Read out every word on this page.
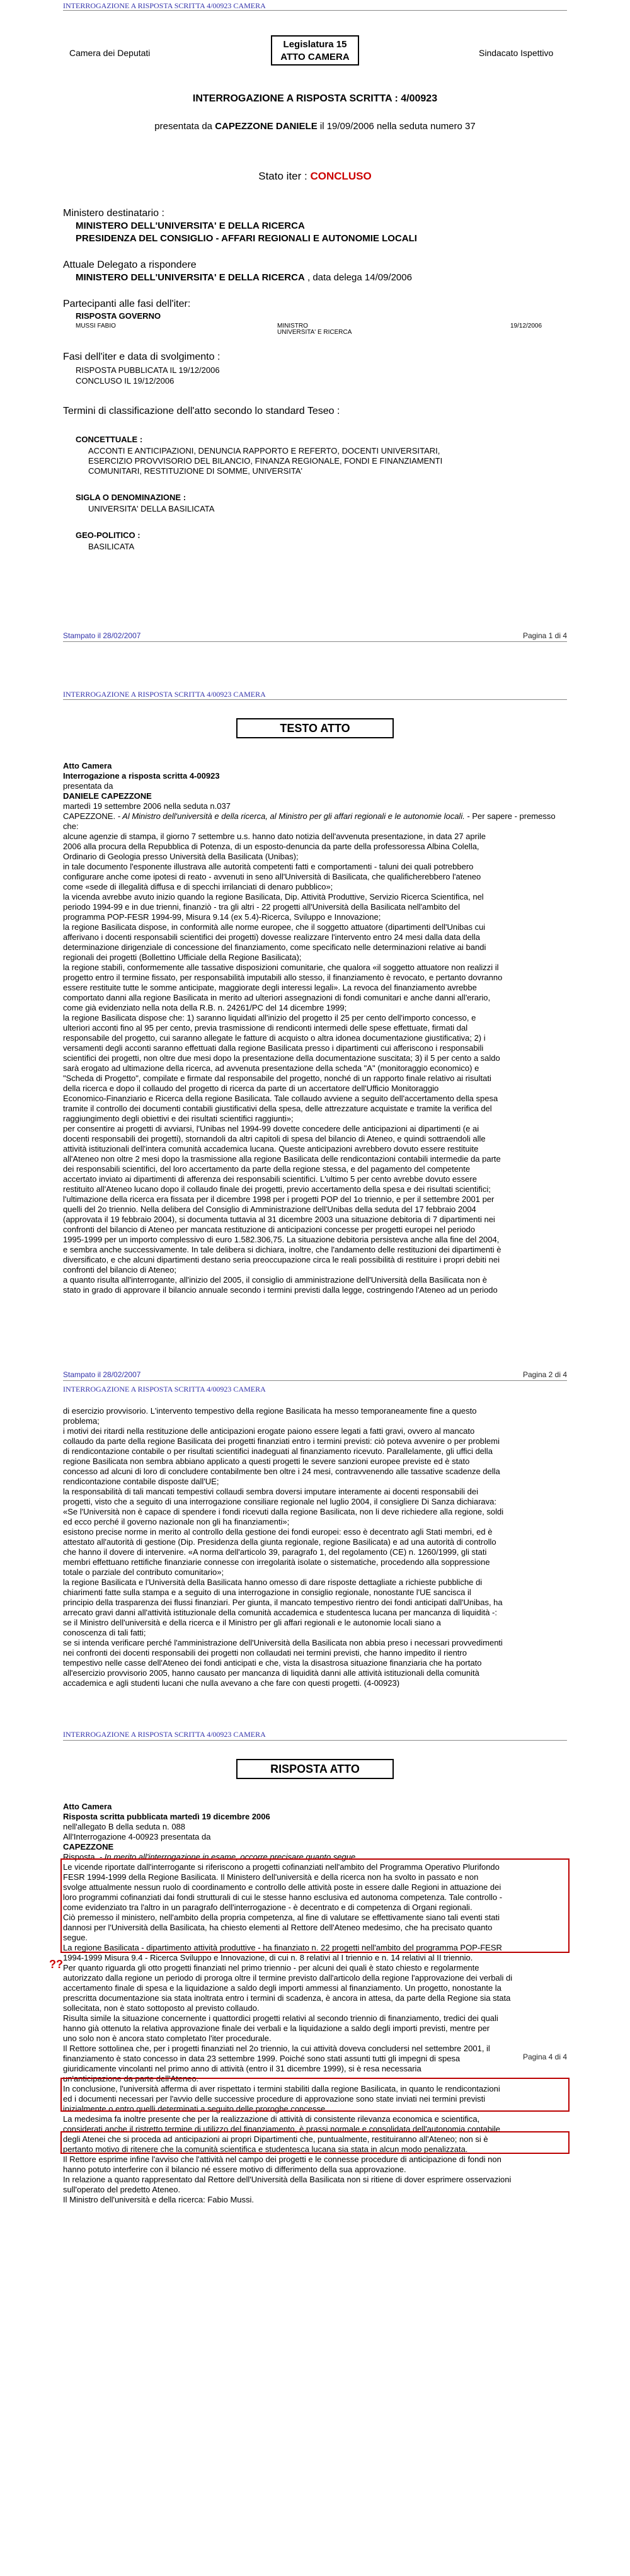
INTERROGAZIONE A RISPOSTA SCRITTA 4/00923 CAMERA
Camera dei Deputati
Legislatura 15
ATTO CAMERA	Sindacato Ispettivo
INTERROGAZIONE A RISPOSTA SCRITTA : 4/00923
presentata da CAPEZZONE DANIELE il 19/09/2006 nella seduta numero 37
Stato iter : CONCLUSO
Ministero destinatario :
MINISTERO DELL'UNIVERSITA' E DELLA RICERCA
PRESIDENZA DEL CONSIGLIO - AFFARI REGIONALI E AUTONOMIE LOCALI
Attuale Delegato a rispondere
MINISTERO DELL'UNIVERSITA' E DELLA RICERCA , data delega 14/09/2006
Partecipanti alle fasi dell'iter:
RISPOSTA GOVERNO
MUSSI FABIO	MINISTRO
UNIVERSITA' E RICERCA
19/12/2006
Fasi dell'iter e data di svolgimento :
RISPOSTA PUBBLICATA IL 19/12/2006
CONCLUSO IL 19/12/2006
Termini di classificazione dell'atto secondo lo standard Teseo :
CONCETTUALE :
ACCONTI E ANTICIPAZIONI, DENUNCIA RAPPORTO E REFERTO, DOCENTI UNIVERSITARI,
ESERCIZIO PROVVISORIO DEL BILANCIO, FINANZA REGIONALE, FONDI E FINANZIAMENTI
COMUNITARI, RESTITUZIONE DI SOMME, UNIVERSITA'
SIGLA O DENOMINAZIONE :
UNIVERSITA' DELLA BASILICATA
GEO-POLITICO :
BASILICATA
Stampato il 28/02/2007	Pagina 1 di 4
INTERROGAZIONE A RISPOSTA SCRITTA 4/00923 CAMERA
TESTO ATTO
Atto Camera
Interrogazione a risposta scritta 4-00923
presentata da
DANIELE CAPEZZONE
martedì 19 settembre 2006 nella seduta n.037
CAPEZZONE. - Al Ministro dell'università e della ricerca, al Ministro per gli affari regionali e le autonomie locali. - Per sapere - premesso che:
alcune agenzie di stampa, il giorno 7 settembre u.s. hanno dato notizia dell'avvenuta presentazione, in data 27 aprile
2006 alla procura della Repubblica di Potenza, di un esposto-denuncia da parte della professoressa Albina Colella,
Ordinario di Geologia presso Università della Basilicata (Unibas);
in tale documento l'esponente illustrava alle autorità competenti fatti e comportamenti - taluni dei quali potrebbero
configurare anche come ipotesi di reato - avvenuti in seno all'Università di Basilicata, che qualificherebbero l'ateneo
come «sede di illegalità diffusa e di specchi irrilanciati di denaro pubblico»;
la vicenda avrebbe avuto inizio quando la regione Basilicata, Dip. Attività Produttive, Servizio Ricerca Scientifica, nel
periodo 1994-99 e in due trienni, finanziò - tra gli altri - 22 progetti all'Università della Basilicata nell'ambito del
programma POP-FESR 1994-99, Misura 9.14 (ex 5.4)-Ricerca, Sviluppo e Innovazione;
la regione Basilicata dispose, in conformità alle norme europee, che il soggetto attuatore (dipartimenti dell'Unibas cui
afferivano i docenti responsabili scientifici dei progetti) dovesse realizzare l'intervento entro 24 mesi dalla data della
determinazione dirigenziale di concessione del finanziamento, come specificato nelle determinazioni relative ai bandi
regionali dei progetti (Bollettino Ufficiale della Regione Basilicata);
la regione stabilì, conformemente alle tassative disposizioni comunitarie, che qualora «il soggetto attuatore non realizzi il
progetto entro il termine fissato, per responsabilità imputabili allo stesso, il finanziamento è revocato, e pertanto dovranno
essere restituite tutte le somme anticipate, maggiorate degli interessi legali». La revoca del finanziamento avrebbe
comportato danni alla regione Basilicata in merito ad ulteriori assegnazioni di fondi comunitari e anche danni all'erario,
come già evidenziato nella nota della R.B. n. 24261/PC del 14 dicembre 1999;
la regione Basilicata dispose che: 1) saranno liquidati all'inizio del progetto il 25 per cento dell'importo concesso, e
ulteriori acconti fino al 95 per cento, previa trasmissione di rendiconti intermedi delle spese effettuate, firmati dal
responsabile del progetto, cui saranno allegate le fatture di acquisto o altra idonea documentazione giustificativa; 2) i
versamenti degli acconti saranno effettuati dalla regione Basilicata presso i dipartimenti cui afferiscono i responsabili
scientifici dei progetti, non oltre due mesi dopo la presentazione della documentazione suscitata; 3) il 5 per cento a saldo
sarà erogato ad ultimazione della ricerca, ad avvenuta presentazione della scheda "A" (monitoraggio economico) e
"Scheda di Progetto", compilate e firmate dal responsabile del progetto, nonché di un rapporto finale relativo ai risultati
della ricerca e dopo il collaudo del progetto di ricerca da parte di un accertatore dell'Ufficio Monitoraggio
Economico-Finanziario e Ricerca della regione Basilicata. Tale collaudo avviene a seguito dell'accertamento della spesa
tramite il controllo dei documenti contabili giustificativi della spesa, delle attrezzature acquistate e tramite la verifica del
raggiungimento degli obiettivi e dei risultati scientifici raggiunti»;
per consentire ai progetti di avviarsi, l'Unibas nel 1994-99 dovette concedere delle anticipazioni ai dipartimenti (e ai
docenti responsabili dei progetti), stornandoli da altri capitoli di spesa del bilancio di Ateneo, e quindi sottraendoli alle
attività istituzionali dell'intera comunità accademica lucana. Queste anticipazioni avrebbero dovuto essere restituite
all'Ateneo non oltre 2 mesi dopo la trasmissione alla regione Basilicata delle rendicontazioni contabili intermedie da parte
dei responsabili scientifici, del loro accertamento da parte della regione stessa, e del pagamento del competente
accertato inviato ai dipartimenti di afferenza dei responsabili scientifici. L'ultimo 5 per cento avrebbe dovuto essere
restituito all'Ateneo lucano dopo il collaudo finale dei progetti, previo accertamento della spesa e dei risultati scientifici;
l'ultimazione della ricerca era fissata per il dicembre 1998 per i progetti POP del 1o triennio, e per il settembre 2001 per
quelli del 2o triennio. Nella delibera del Consiglio di Amministrazione dell'Unibas della seduta del 17 febbraio 2004
(approvata il 19 febbraio 2004), si documenta tuttavia al 31 dicembre 2003 una situazione debitoria di 7 dipartimenti nei
confronti del bilancio di Ateneo per mancata restituzione di anticipazioni concesse per progetti europei nel periodo
1995-1999 per un importo complessivo di euro 1.582.306,75. La situazione debitoria persisteva anche alla fine del 2004,
e sembra anche successivamente. In tale delibera si dichiara, inoltre, che l'andamento delle restituzioni dei dipartimenti è
diversificato, e che alcuni dipartimenti destano seria preoccupazione circa le reali possibilità di restituire i propri debiti nei
confronti del bilancio di Ateneo;
a quanto risulta all'interrogante, all'inizio del 2005, il consiglio di amministrazione dell'Università della Basilicata non è
stato in grado di approvare il bilancio annuale secondo i termini previsti dalla legge, costringendo l'Ateneo ad un periodo
Stampato il 28/02/2007	Pagina 2 di 4
INTERROGAZIONE A RISPOSTA SCRITTA 4/00923 CAMERA
di esercizio provvisorio. L'intervento tempestivo della regione Basilicata ha messo temporaneamente fine a questo
problema;
i motivi dei ritardi nella restituzione delle anticipazioni erogate paiono essere legati a fatti gravi, ovvero al mancato
collaudo da parte della regione Basilicata dei progetti finanziati entro i termini previsti: ciò poteva avvenire o per problemi
di rendicontazione contabile o per risultati scientifici inadeguati al finanziamento ricevuto. Parallelamente, gli uffici della
regione Basilicata non sembra abbiano applicato a questi progetti le severe sanzioni europee previste ed è stato
concesso ad alcuni di loro di concludere contabilmente ben oltre i 24 mesi, contravvenendo alle tassative scadenze della
rendicontazione contabile disposte dall'UE;
la responsabilità di tali mancati tempestivi collaudi sembra doversi imputare interamente ai docenti responsabili dei
progetti, visto che a seguito di una interrogazione consiliare regionale nel luglio 2004, il consigliere Di Sanza dichiarava:
«Se l'Università non è capace di spendere i fondi ricevuti dalla regione Basilicata, non li deve richiedere alla regione, soldi
ed ecco perché il governo nazionale non gli ha finanziamenti»;
esistono precise norme in merito al controllo della gestione dei fondi europei: esso è decentrato agli Stati membri, ed è
attestato all'autorità di gestione (Dip. Presidenza della giunta regionale, regione Basilicata) e ad una autorità di controllo
che hanno il dovere di intervenire. «A norma dell'articolo 39, paragrafo 1, del regolamento (CE) n. 1260/1999, gli stati
membri effettuano rettifiche finanziarie connesse con irregolarità isolate o sistematiche, procedendo alla soppressione
totale o parziale del contributo comunitario»;
la regione Basilicata e l'Università della Basilicata hanno omesso di dare risposte dettagliate a richieste pubbliche di
chiarimenti fatte sulla stampa e a seguito di una interrogazione in consiglio regionale, nonostante l'UE sancisca il
principio della trasparenza dei flussi finanziari. Per giunta, il mancato tempestivo rientro dei fondi anticipati dall'Unibas, ha
arrecato gravi danni all'attività istituzionale della comunità accademica e studentesca lucana per mancanza di liquidità -:
se il Ministro dell'università e della ricerca e il Ministro per gli affari regionali e le autonomie locali siano a
conoscenza di tali fatti;
se si intenda verificare perché l'amministrazione dell'Università della Basilicata non abbia preso i necessari provvedimenti
nei confronti dei docenti responsabili dei progetti non collaudati nei termini previsti, che hanno impedito il rientro
tempestivo nelle casse dell'Ateneo dei fondi anticipati e che, vista la disastrosa situazione finanziaria che ha portato
all'esercizio provvisorio 2005, hanno causato per mancanza di liquidità danni alle attività istituzionali della comunità
accademica e agli studenti lucani che nulla avevano a che fare con questi progetti. (4-00923)
INTERROGAZIONE A RISPOSTA SCRITTA 4/00923 CAMERA
RISPOSTA ATTO
Atto Camera
Risposta scritta pubblicata martedì 19 dicembre 2006
nell'allegato B della seduta n. 088
All'Interrogazione 4-00923 presentata da
CAPEZZONE
Risposta. - In merito all'interrogazione in esame, occorre precisare quanto segue.
Le vicende riportate dall'interrogante si riferiscono a progetti cofinanziati nell'ambito del Programma Operativo Plurifondo
FESR 1994-1999 della Regione Basilicata. Il Ministero dell'università e della ricerca non ha svolto in passato e non
svolge attualmente nessun ruolo di coordinamento e controllo delle attività poste in essere dalle Regioni in attuazione dei
loro programmi cofinanziati dai fondi strutturali di cui le stesse hanno esclusiva ed autonoma competenza. Tale controllo -
come evidenziato tra l'altro in un paragrafo dell'interrogazione - è decentrato e di competenza di Organi regionali.
Ciò premesso il ministero, nell'ambito della propria competenza, al fine di valutare se effettivamente siano tali eventi stati
dannosi per l'Università della Basilicata, ha chiesto elementi al Rettore dell'Ateneo medesimo, che ha precisato quanto
segue.
La regione Basilicata - dipartimento attività produttive - ha finanziato n. 22 progetti nell'ambito del programma POP-FESR
1994-1999 Misura 9.4 - Ricerca Sviluppo e Innovazione, di cui n. 8 relativi al I triennio e n. 14 relativi al II triennio.
Per quanto riguarda gli otto progetti finanziati nel primo triennio - per alcuni dei quali è stato chiesto e regolarmente
autorizzato dalla regione un periodo di proroga oltre il termine previsto dall'articolo della regione l'approvazione dei verbali di
accertamento finale di spesa e la liquidazione a saldo degli importi ammessi al finanziamento. Un progetto, nonostante la
prescritta documentazione sia stata inoltrata entro i termini di scadenza, è ancora in attesa, da parte della Regione sia stata
sollecitata, non è stato sottoposto al previsto collaudo.
Risulta simile la situazione concernente i quattordici progetti relativi al secondo triennio di finanziamento, tredici dei quali
hanno già ottenuto la relativa approvazione finale dei verbali e la liquidazione a saldo degli importi previsti, mentre per
uno solo non è ancora stato completato l'iter procedurale.
Il Rettore sottolinea che, per i progetti finanziati nel 2o triennio, la cui attività doveva concludersi nel settembre 2001, il
finanziamento è stato concesso in data 23 settembre 1999. Poiché sono stati assunti tutti gli impegni di spesa
giuridicamente vincolanti nel primo anno di attività (entro il 31 dicembre 1999), si è resa necessaria
un'anticipazione da parte dell'Ateneo.
In conclusione, l'università afferma di aver rispettato i termini stabiliti dalla regione Basilicata, in quanto le rendicontazioni
ed i documenti necessari per l'avvio delle successive procedure di approvazione sono state inviati nei termini previsti
inizialmente o entro quelli determinati a seguito delle proroghe concesse.
La medesima fa inoltre presente che per la realizzazione di attività di consistente rilevanza economica e scientifica,
considerati anche il ristretto termine di utilizzo del finanziamento, è prassi normale e consolidata dell'autonomia contabile
degli Atenei che si proceda ad anticipazioni ai propri Dipartimenti che, puntualmente, restituiranno all'Ateneo; non si è
pertanto motivo di ritenere che la comunità scientifica e studentesca lucana sia stata in alcun modo penalizzata.
Il Rettore esprime infine l'avviso che l'attività nel campo dei progetti e le connesse procedure di anticipazione di fondi non
hanno potuto interferire con il bilancio né essere motivo di differimento della sua approvazione.
In relazione a quanto rappresentato dal Rettore dell'Università della Basilicata non si ritiene di dover esprimere osservazioni
sull'operato del predetto Ateneo.
Il Ministro dell'università e della ricerca: Fabio Mussi.
??
Pagina 4 di 4
